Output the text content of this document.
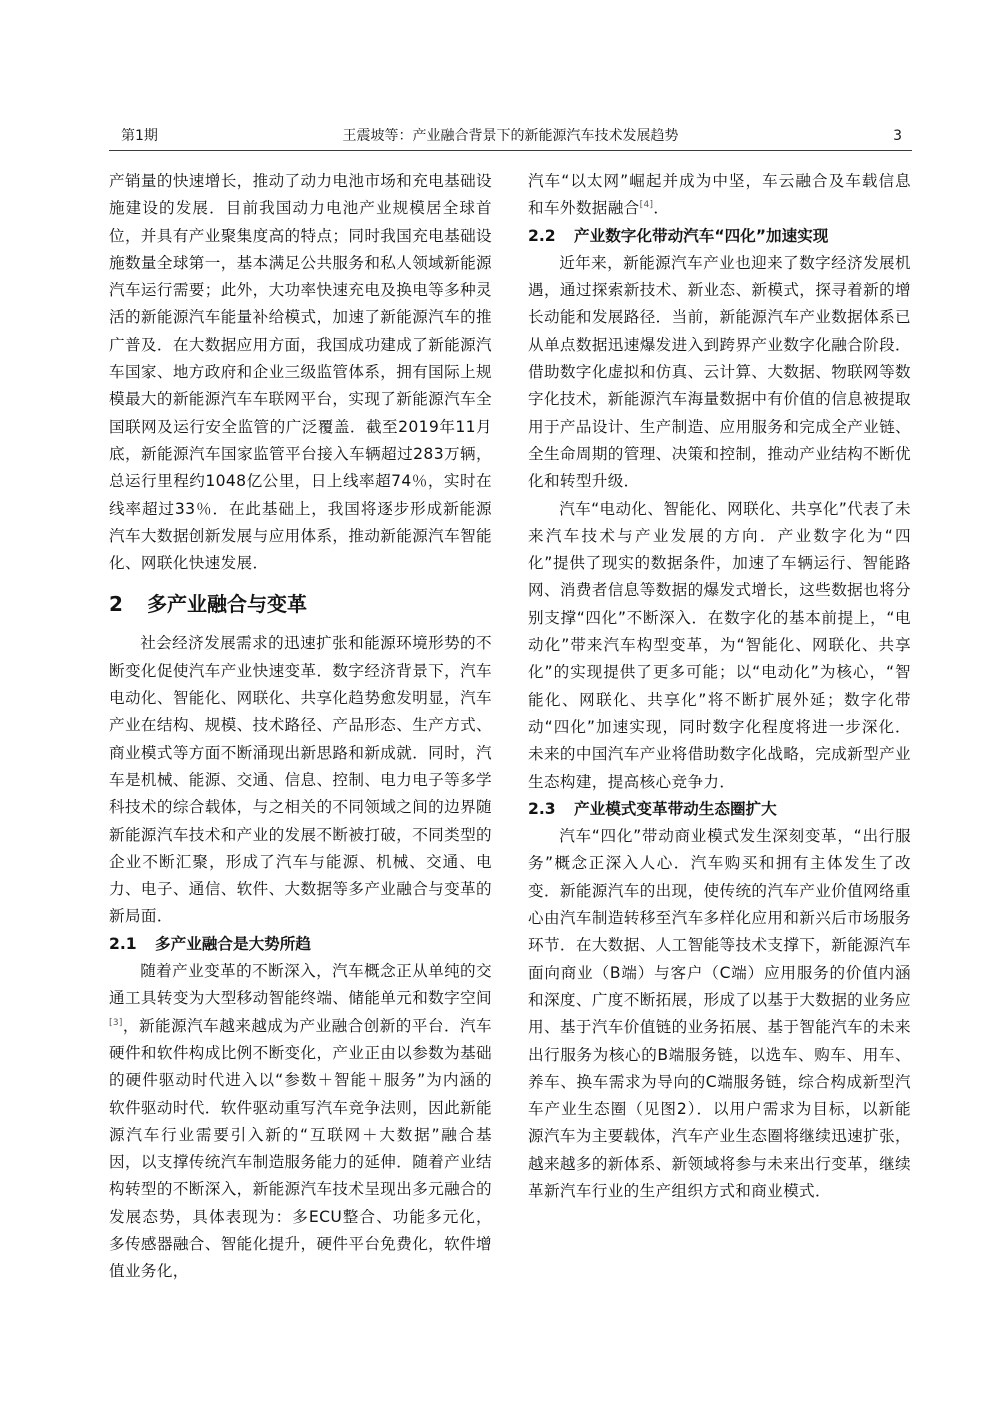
第1期	王震坡等：产业融合背景下的新能源汽车技术发展趋势	3

产销量的快速增长，推动了动力电池市场和充电基础设施建设的发展．目前我国动力电池产业规模居全球首位，并具有产业聚集度高的特点；同时我国充电基础设施数量全球第一，基本满足公共服务和私人领域新能源汽车运行需要；此外，大功率快速充电及换电等多种灵活的新能源汽车能量补给模式，加速了新能源汽车的推广普及．在大数据应用方面，我国成功建成了新能源汽车国家、地方政府和企业三级监管体系，拥有国际上规模最大的新能源汽车车联网平台，实现了新能源汽车全国联网及运行安全监管的广泛覆盖．截至2019年11月底，新能源汽车国家监管平台接入车辆超过283万辆，总运行里程约1048亿公里，日上线率超74％，实时在线率超过33％．在此基础上，我国将逐步形成新能源汽车大数据创新发展与应用体系，推动新能源汽车智能化、网联化快速发展．

2 多产业融合与变革

社会经济发展需求的迅速扩张和能源环境形势的不断变化促使汽车产业快速变革．数字经济背景下，汽车电动化、智能化、网联化、共享化趋势愈发明显，汽车产业在结构、规模、技术路径、产品形态、生产方式、商业模式等方面不断涌现出新思路和新成就．同时，汽车是机械、能源、交通、信息、控制、电力电子等多学科技术的综合载体，与之相关的不同领域之间的边界随新能源汽车技术和产业的发展不断被打破，不同类型的企业不断汇聚，形成了汽车与能源、机械、交通、电力、电子、通信、软件、大数据等多产业融合与变革的新局面．

2.1 多产业融合是大势所趋

随着产业变革的不断深入，汽车概念正从单纯的交通工具转变为大型移动智能终端、储能单元和数字空间[3]，新能源汽车越来越成为产业融合创新的平台．汽车硬件和软件构成比例不断变化，产业正由以参数为基础的硬件驱动时代进入以“参数＋智能＋服务”为内涵的软件驱动时代．软件驱动重写汽车竞争法则，因此新能源汽车行业需要引入新的“互联网＋大数据”融合基因，以支撑传统汽车制造服务能力的延伸．随着产业结构转型的不断深入，新能源汽车技术呈现出多元融合的发展态势，具体表现为：多ECU整合、功能多元化，多传感器融合、智能化提升，硬件平台免费化，软件增值业务化，

汽车“以太网”崛起并成为中坚，车云融合及车载信息和车外数据融合[4]．

2.2 产业数字化带动汽车“四化”加速实现

近年来，新能源汽车产业也迎来了数字经济发展机遇，通过探索新技术、新业态、新模式，探寻着新的增长动能和发展路径．当前，新能源汽车产业数据体系已从单点数据迅速爆发进入到跨界产业数字化融合阶段．借助数字化虚拟和仿真、云计算、大数据、物联网等数字化技术，新能源汽车海量数据中有价值的信息被提取用于产品设计、生产制造、应用服务和完成全产业链、全生命周期的管理、决策和控制，推动产业结构不断优化和转型升级．

汽车“电动化、智能化、网联化、共享化”代表了未来汽车技术与产业发展的方向．产业数字化为“四化”提供了现实的数据条件，加速了车辆运行、智能路网、消费者信息等数据的爆发式增长，这些数据也将分别支撑“四化”不断深入．在数字化的基本前提上，“电动化”带来汽车构型变革，为“智能化、网联化、共享化”的实现提供了更多可能；以“电动化”为核心，“智能化、网联化、共享化”将不断扩展外延；数字化带动“四化”加速实现，同时数字化程度将进一步深化．未来的中国汽车产业将借助数字化战略，完成新型产业生态构建，提高核心竞争力．

2.3 产业模式变革带动生态圈扩大

汽车“四化”带动商业模式发生深刻变革，“出行服务”概念正深入人心．汽车购买和拥有主体发生了改变．新能源汽车的出现，使传统的汽车产业价值网络重心由汽车制造转移至汽车多样化应用和新兴后市场服务环节．在大数据、人工智能等技术支撑下，新能源汽车面向商业（B端）与客户（C端）应用服务的价值内涵和深度、广度不断拓展，形成了以基于大数据的业务应用、基于汽车价值链的业务拓展、基于智能汽车的未来出行服务为核心的B端服务链，以选车、购车、用车、养车、换车需求为导向的C端服务链，综合构成新型汽车产业生态圈（见图2）．以用户需求为目标，以新能源汽车为主要载体，汽车产业生态圈将继续迅速扩张，越来越多的新体系、新领域将参与未来出行变革，继续革新汽车行业的生产组织方式和商业模式．
